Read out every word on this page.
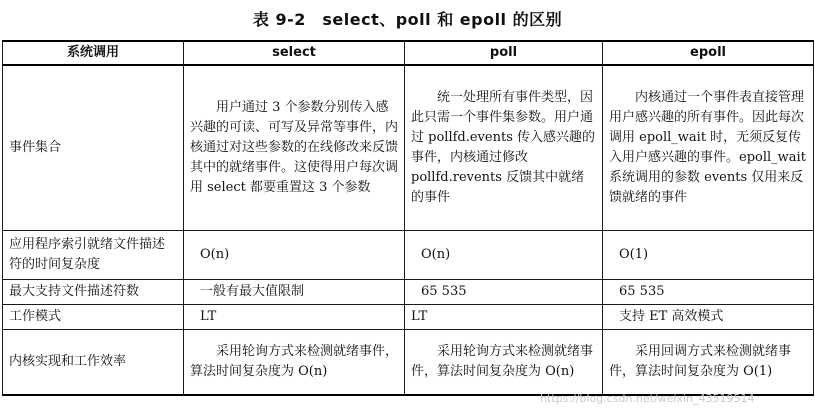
表 9-2　select、poll 和 epoll 的区别
系统调用	select	poll	epoll
事件集合	用户通过 3 个参数分别传入感兴趣的可读、可写及异常等事件，内核通过对这些参数的在线修改来反馈其中的就绪事件。这使得用户每次调用 select 都要重置这 3 个参数	统一处理所有事件类型，因此只需一个事件集参数。用户通过 pollfd.events 传入感兴趣的事件，内核通过修改 pollfd.revents 反馈其中就绪的事件	内核通过一个事件表直接管理用户感兴趣的所有事件。因此每次调用 epoll_wait 时，无须反复传入用户感兴趣的事件。epoll_wait 系统调用的参数 events 仅用来反馈就绪的事件
应用程序索引就绪文件描述符的时间复杂度	O(n)	O(n)	O(1)
最大支持文件描述符数	一般有最大值限制	65 535	65 535
工作模式	LT	LT	支持 ET 高效模式
内核实现和工作效率	采用轮询方式来检测就绪事件，算法时间复杂度为 O(n)	采用轮询方式来检测就绪事件，算法时间复杂度为 O(n)	采用回调方式来检测就绪事件，算法时间复杂度为 O(1)
https://blog.csdn.net/weixin_43519514
